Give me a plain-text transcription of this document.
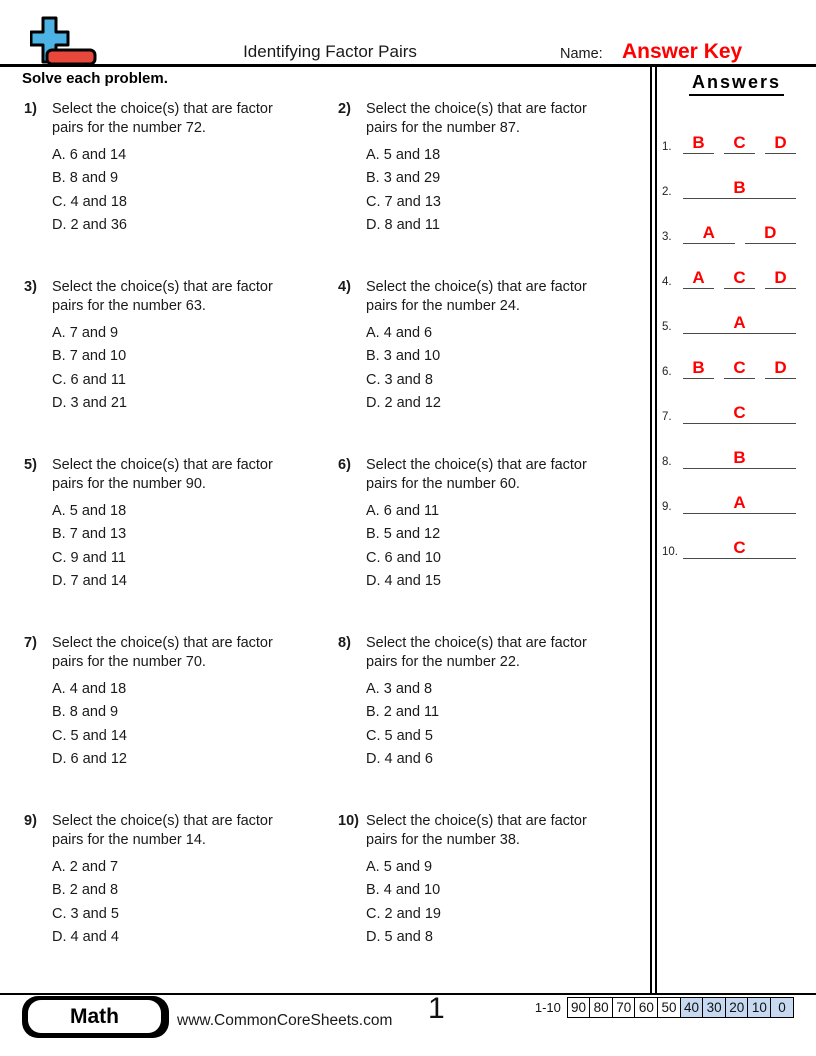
Identifying Factor Pairs	Name: Answer Key
Solve each problem.	Answers
1.	B C D
2.	B
3.	A	D
4.	A C D
5.	A
6.	B C D
7.	C
8.	B
9.	A
10.	C
1)	Select the choice(s) that are factor pairs for the number 72.
A. 6 and 14
B. 8 and 9
C. 4 and 18
D. 2 and 36
2)	Select the choice(s) that are factor pairs for the number 87.
A. 5 and 18
B. 3 and 29
C. 7 and 13
D. 8 and 11
3)	Select the choice(s) that are factor pairs for the number 63.
A. 7 and 9
B. 7 and 10
C. 6 and 11
D. 3 and 21
4)	Select the choice(s) that are factor pairs for the number 24.
A. 4 and 6
B. 3 and 10
C. 3 and 8
D. 2 and 12
5)	Select the choice(s) that are factor pairs for the number 90.
A. 5 and 18
B. 7 and 13
C. 9 and 11
D. 7 and 14
6)	Select the choice(s) that are factor pairs for the number 60.
A. 6 and 11
B. 5 and 12
C. 6 and 10
D. 4 and 15
7)	Select the choice(s) that are factor pairs for the number 70.
A. 4 and 18
B. 8 and 9
C. 5 and 14
D. 6 and 12
8)	Select the choice(s) that are factor pairs for the number 22.
A. 3 and 8
B. 2 and 11
C. 5 and 5
D. 4 and 6
9)	Select the choice(s) that are factor pairs for the number 14.
A. 2 and 7
B. 2 and 8
C. 3 and 5
D. 4 and 4
10) Select the choice(s) that are factor pairs for the number 38.
A. 5 and 9
B. 4 and 10
C. 2 and 19
D. 5 and 8
Math	www.CommonCoreSheets.com 1	1-10 90 80 70 60 50 40 30 20 10 0
